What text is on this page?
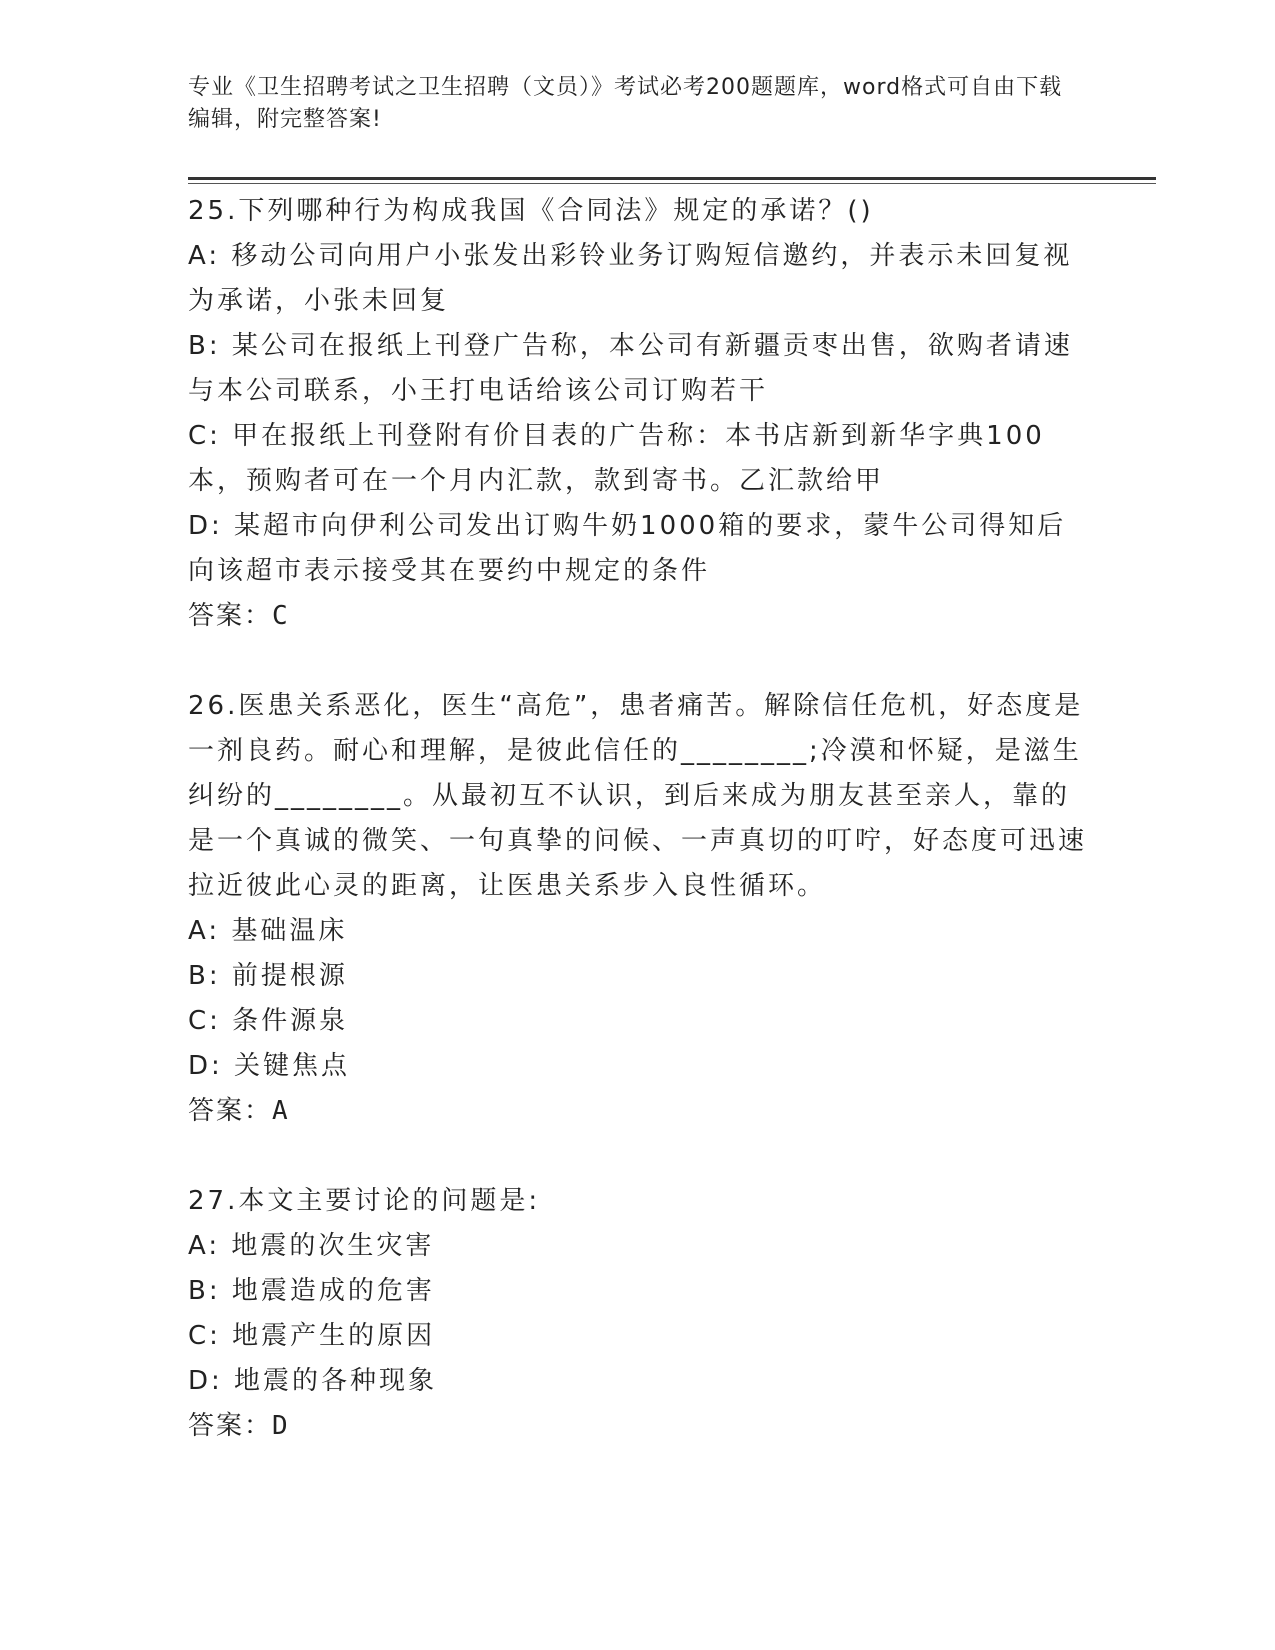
专业《卫生招聘考试之卫生招聘（文员）》考试必考200题题库，word格式可自由下载编辑，附完整答案!

25.下列哪种行为构成我国《合同法》规定的承诺？()

A: 移动公司向用户小张发出彩铃业务订购短信邀约，并表示未回复视为承诺，小张未回复

B: 某公司在报纸上刊登广告称，本公司有新疆贡枣出售，欲购者请速与本公司联系，小王打电话给该公司订购若干

C: 甲在报纸上刊登附有价目表的广告称：本书店新到新华字典100本，预购者可在一个月内汇款，款到寄书。乙汇款给甲

D: 某超市向伊利公司发出订购牛奶1000箱的要求，蒙牛公司得知后向该超市表示接受其在要约中规定的条件

答案：C

26.医患关系恶化，医生“高危”，患者痛苦。解除信任危机，好态度是一剂良药。耐心和理解，是彼此信任的________;冷漠和怀疑，是滋生纠纷的________。从最初互不认识，到后来成为朋友甚至亲人，靠的是一个真诚的微笑、一句真挚的问候、一声真切的叮咛，好态度可迅速拉近彼此心灵的距离，让医患关系步入良性循环。

A: 基础温床

B: 前提根源

C: 条件源泉

D: 关键焦点

答案：A

27.本文主要讨论的问题是:

A: 地震的次生灾害

B: 地震造成的危害

C: 地震产生的原因

D: 地震的各种现象

答案：D
